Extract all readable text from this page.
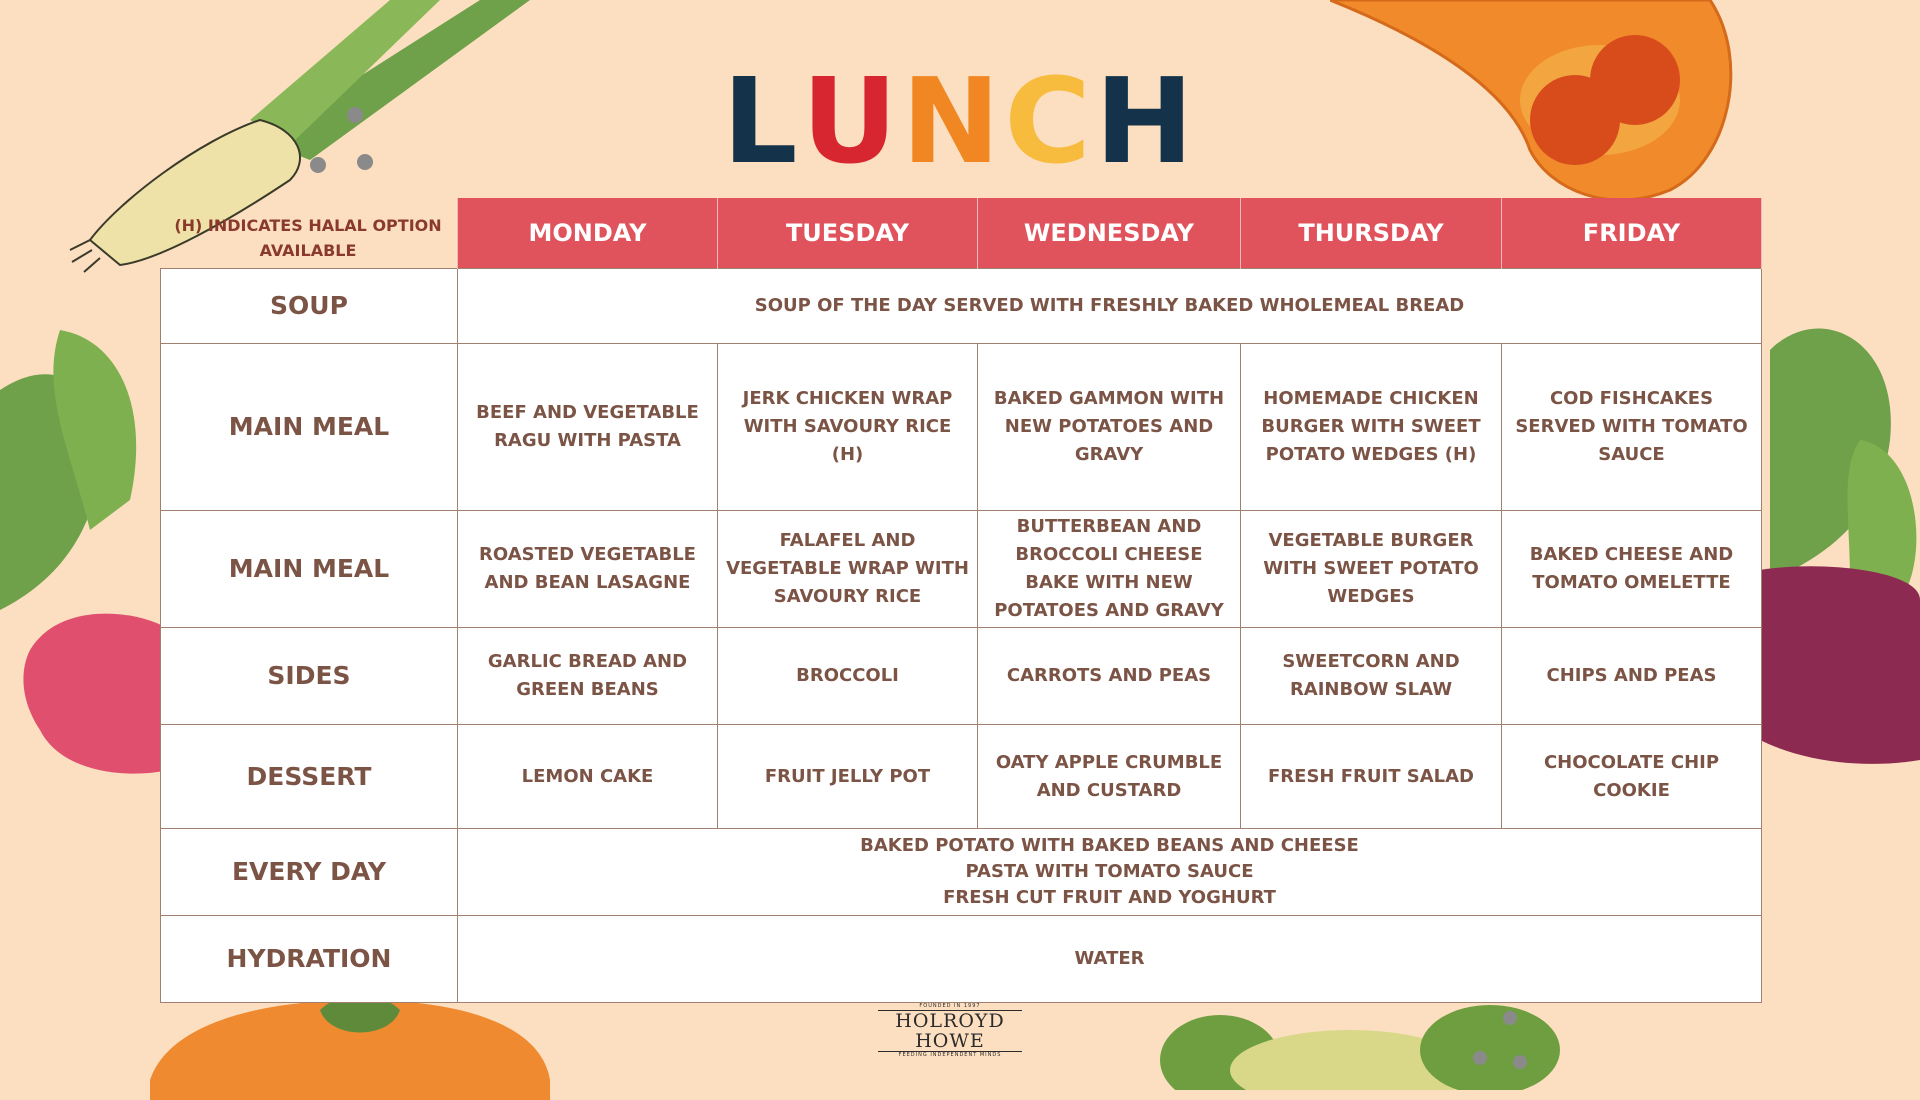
LUNCH
(H) INDICATES HALAL OPTION AVAILABLE
	MONDAY	TUESDAY	WEDNESDAY	THURSDAY	FRIDAY
SOUP	SOUP OF THE DAY SERVED WITH FRESHLY BAKED WHOLEMEAL BREAD				
MAIN MEAL	BEEF AND VEGETABLE RAGU WITH PASTA	JERK CHICKEN WRAP WITH SAVOURY RICE (H)	BAKED GAMMON WITH NEW POTATOES AND GRAVY	HOMEMADE CHICKEN BURGER WITH SWEET POTATO WEDGES (H)	COD FISHCAKES SERVED WITH TOMATO SAUCE
MAIN MEAL	ROASTED VEGETABLE AND BEAN LASAGNE	FALAFEL AND VEGETABLE WRAP WITH SAVOURY RICE	BUTTERBEAN AND BROCCOLI CHEESE BAKE WITH NEW POTATOES AND GRAVY	VEGETABLE BURGER WITH SWEET POTATO WEDGES	BAKED CHEESE AND TOMATO OMELETTE
SIDES	GARLIC BREAD AND GREEN BEANS	BROCCOLI	CARROTS AND PEAS	SWEETCORN AND RAINBOW SLAW	CHIPS AND PEAS
DESSERT	LEMON CAKE	FRUIT JELLY POT	OATY APPLE CRUMBLE AND CUSTARD	FRESH FRUIT SALAD	CHOCOLATE CHIP COOKIE
EVERY DAY	BAKED POTATO WITH BAKED BEANS AND CHEESE
PASTA WITH TOMATO SAUCE
FRESH CUT FRUIT AND YOGHURT				

HYDRATION	WATER				
FOUNDED IN 1997
HOLROYD HOWE
FEEDING INDEPENDENT MINDS
